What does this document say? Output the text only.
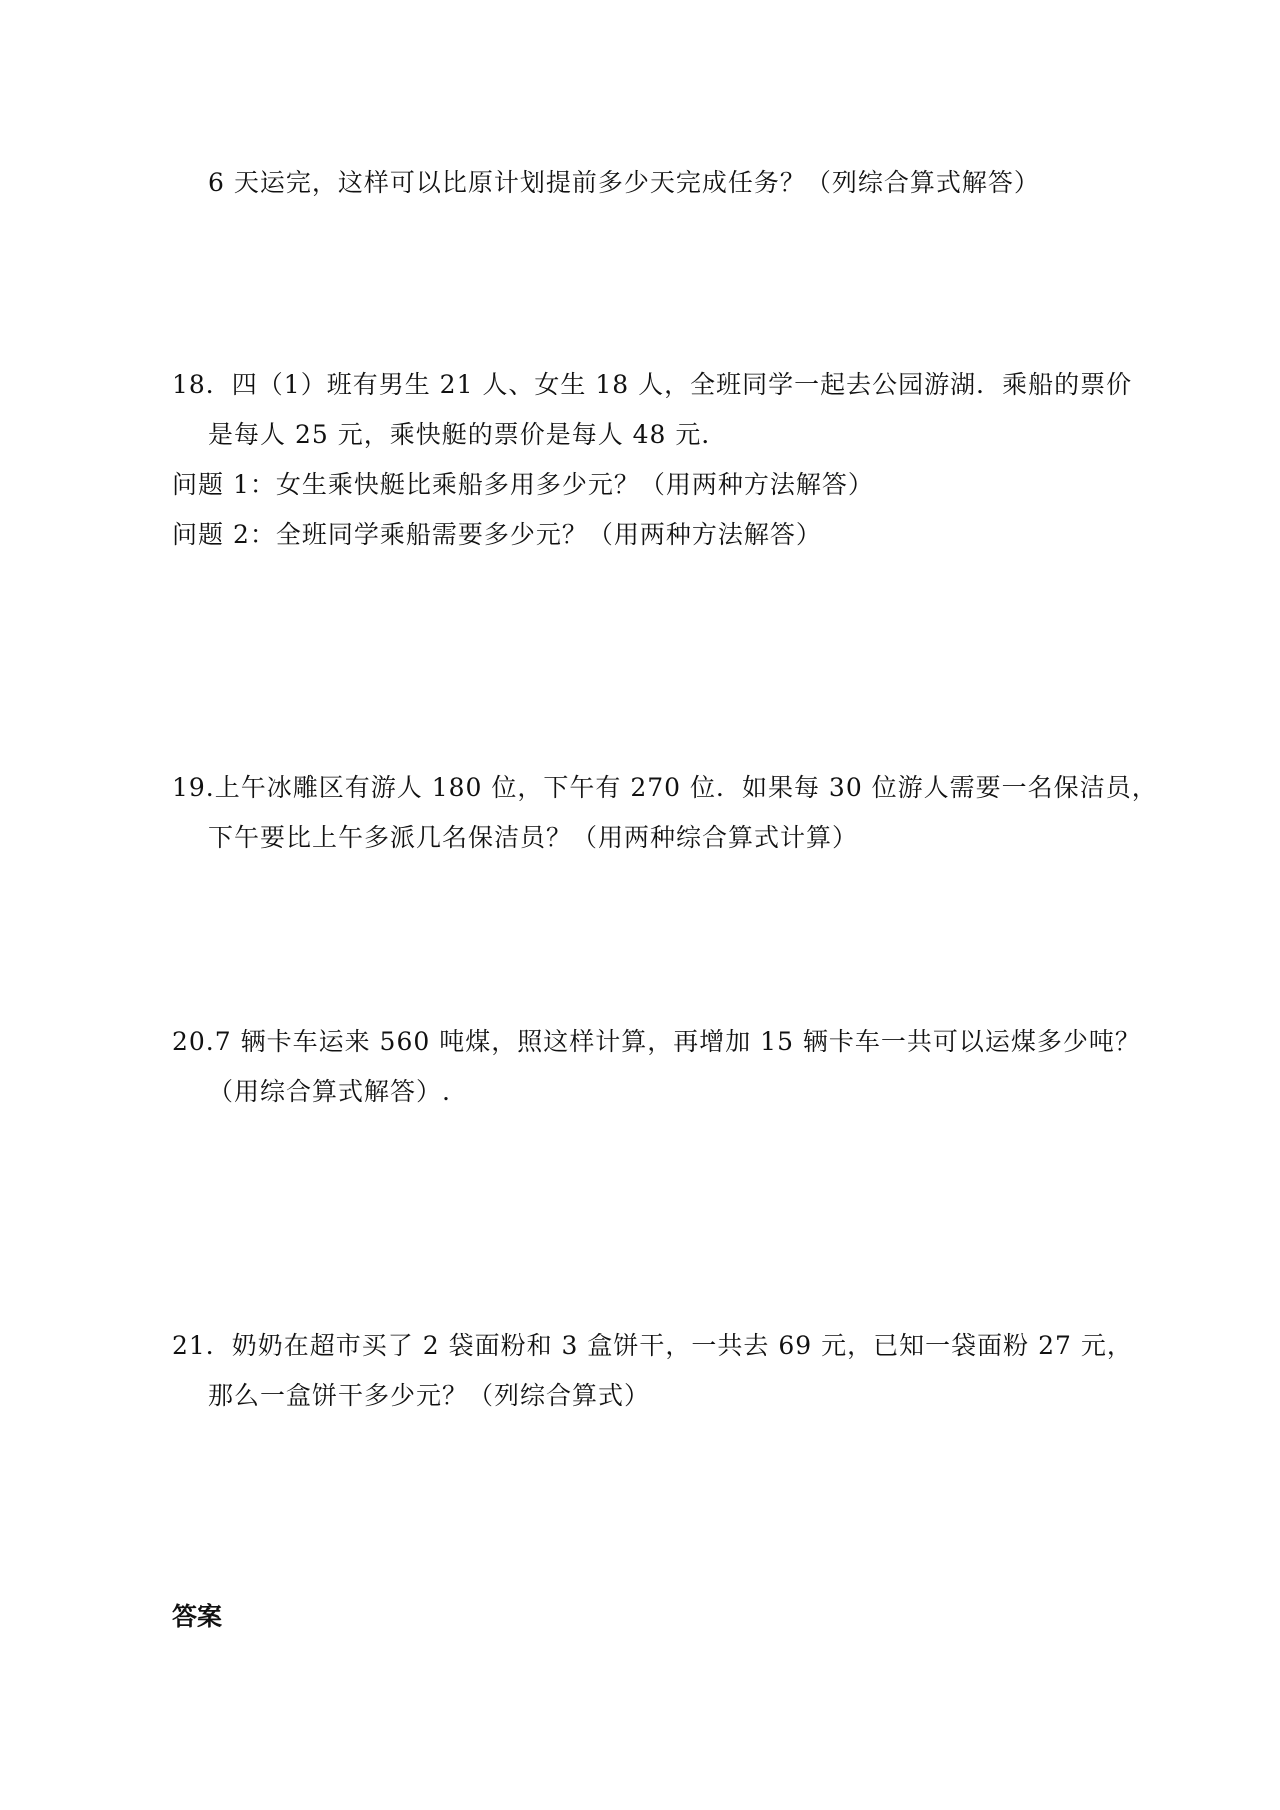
6 天运完，这样可以比原计划提前多少天完成任务？（列综合算式解答）
18．四（1）班有男生 21 人、女生 18 人，全班同学一起去公园游湖．乘船的票价
是每人 25 元，乘快艇的票价是每人 48 元．
问题 1：女生乘快艇比乘船多用多少元？（用两种方法解答）
问题 2：全班同学乘船需要多少元？（用两种方法解答）
19.上午冰雕区有游人 180 位，下午有 270 位．如果每 30 位游人需要一名保洁员，
下午要比上午多派几名保洁员？（用两种综合算式计算）
20.7 辆卡车运来 560 吨煤，照这样计算，再增加 15 辆卡车一共可以运煤多少吨？
（用综合算式解答）.
21．奶奶在超市买了 2 袋面粉和 3 盒饼干，一共去 69 元，已知一袋面粉 27 元，
那么一盒饼干多少元？（列综合算式）
答案
